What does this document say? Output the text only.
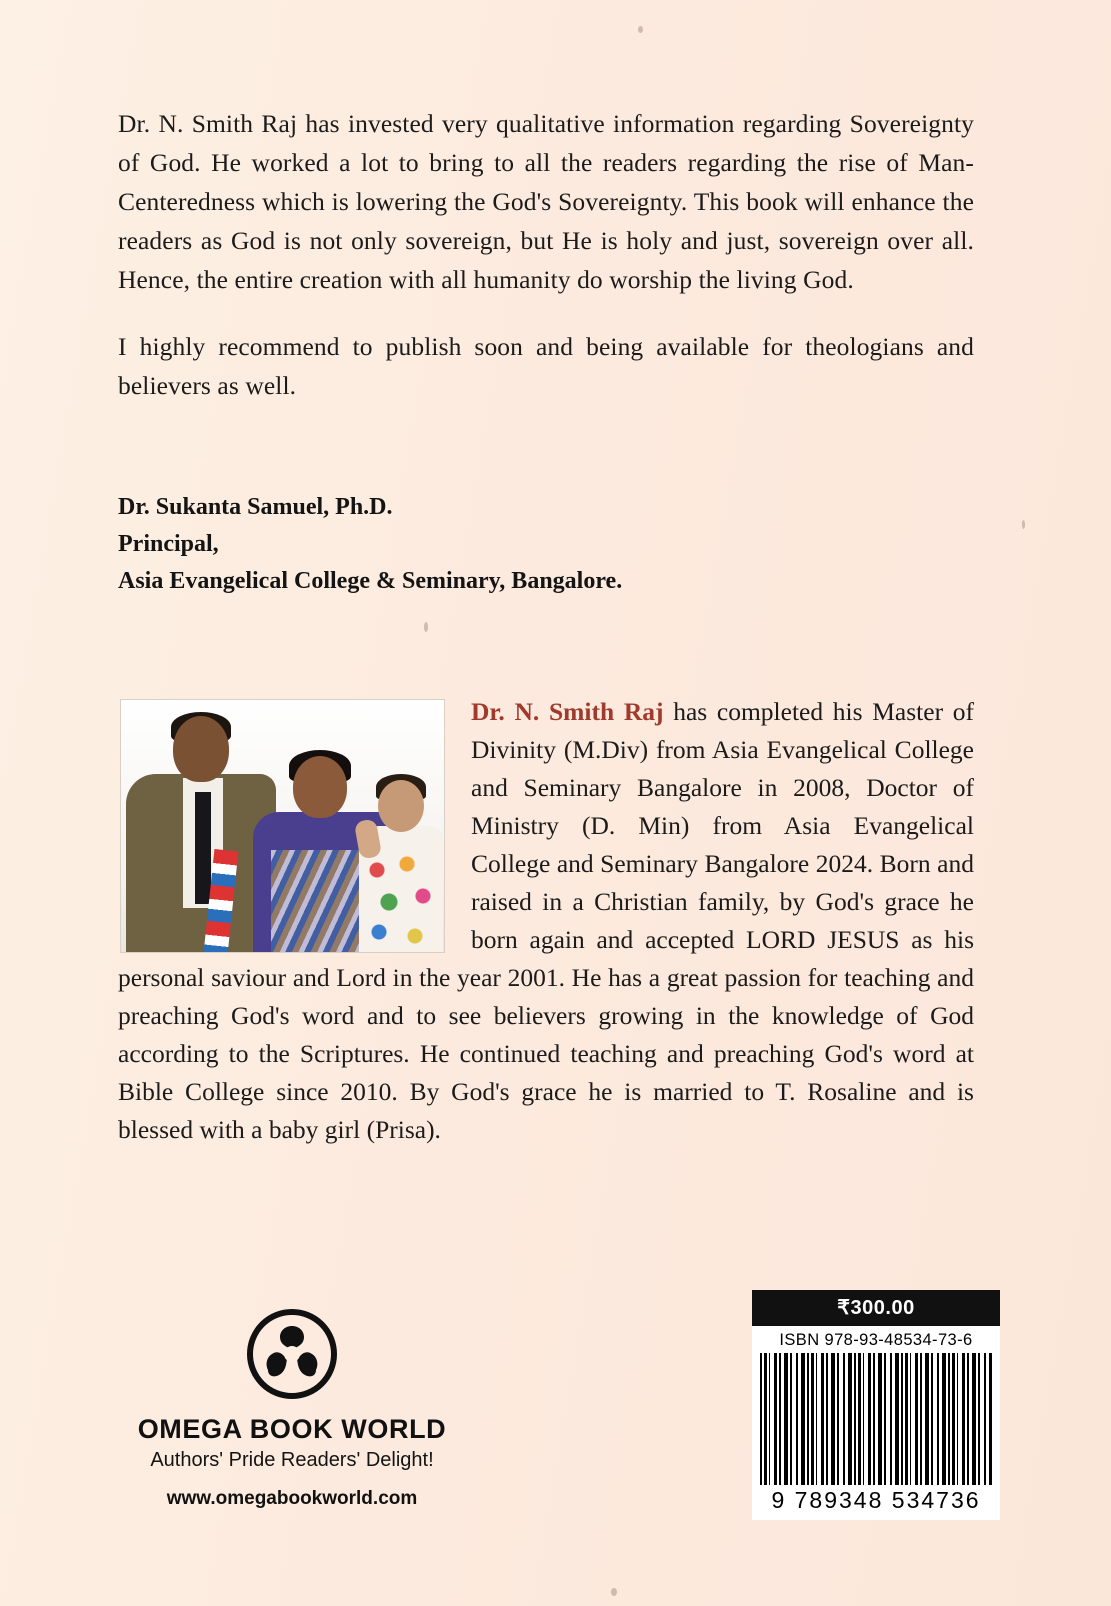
Dr. N. Smith Raj has invested very qualitative information regarding Sovereignty of God. He worked a lot to bring to all the readers regarding the rise of Man-Centeredness which is lowering the God's Sovereignty. This book will enhance the readers as God is not only sovereign, but He is holy and just, sovereign over all. Hence, the entire creation with all humanity do worship the living God.

I highly recommend to publish soon and being available for theologians and believers as well.

Dr. Sukanta Samuel, Ph.D.
Principal,
Asia Evangelical College & Seminary, Bangalore.
Dr. N. Smith Raj has completed his Master of Divinity (M.Div) from Asia Evangelical College and Seminary Bangalore in 2008, Doctor of Ministry (D. Min) from Asia Evangelical College and Seminary Bangalore 2024. Born and raised in a Christian family, by God's grace he born again and accepted LORD JESUS as his personal saviour and Lord in the year 2001. He has a great passion for teaching and preaching God's word and to see believers growing in the knowledge of God according to the Scriptures. He continued teaching and preaching God's word at Bible College since 2010. By God's grace he is married to T. Rosaline and is blessed with a baby girl (Prisa).
OMEGA BOOK WORLD
Authors' Pride Readers' Delight!
www.omegabookworld.com
₹300.00
ISBN 978-93-48534-73-6
9 789348 534736
